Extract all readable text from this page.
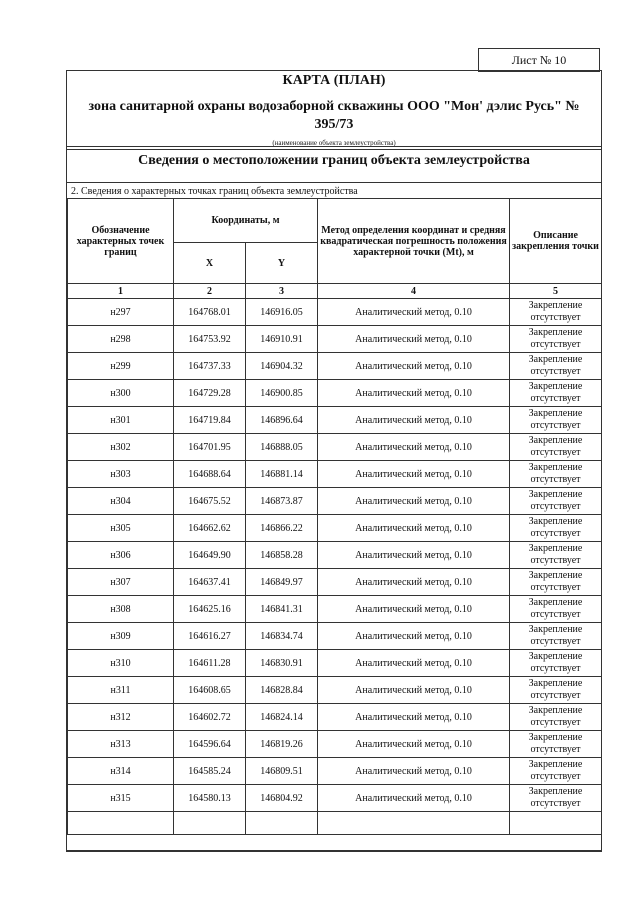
Лист № 10
КАРТА (ПЛАН)
зона санитарной охраны водозаборной скважины ООО "Мон' дэлис Русь" № 395/73
(наименование объекта землеустройства)
Сведения о местоположении границ объекта землеустройства
2. Сведения о характерных точках границ объекта землеустройства
Обозначение характерных точек границ	Координаты, м		Метод определения координат и средняя квадратическая погрешность положения характерной точки (Mt), м	Описание закрепления точки
	X	Y		
1	2	3	4	5
н297	164768.01	146916.05	Аналитический метод, 0.10	Закрепление отсутствует
н298	164753.92	146910.91	Аналитический метод, 0.10	Закрепление отсутствует
н299	164737.33	146904.32	Аналитический метод, 0.10	Закрепление отсутствует
н300	164729.28	146900.85	Аналитический метод, 0.10	Закрепление отсутствует
н301	164719.84	146896.64	Аналитический метод, 0.10	Закрепление отсутствует
н302	164701.95	146888.05	Аналитический метод, 0.10	Закрепление отсутствует
н303	164688.64	146881.14	Аналитический метод, 0.10	Закрепление отсутствует
н304	164675.52	146873.87	Аналитический метод, 0.10	Закрепление отсутствует
н305	164662.62	146866.22	Аналитический метод, 0.10	Закрепление отсутствует
н306	164649.90	146858.28	Аналитический метод, 0.10	Закрепление отсутствует
н307	164637.41	146849.97	Аналитический метод, 0.10	Закрепление отсутствует
н308	164625.16	146841.31	Аналитический метод, 0.10	Закрепление отсутствует
н309	164616.27	146834.74	Аналитический метод, 0.10	Закрепление отсутствует
н310	164611.28	146830.91	Аналитический метод, 0.10	Закрепление отсутствует
н311	164608.65	146828.84	Аналитический метод, 0.10	Закрепление отсутствует
н312	164602.72	146824.14	Аналитический метод, 0.10	Закрепление отсутствует
н313	164596.64	146819.26	Аналитический метод, 0.10	Закрепление отсутствует
н314	164585.24	146809.51	Аналитический метод, 0.10	Закрепление отсутствует
н315	164580.13	146804.92	Аналитический метод, 0.10	Закрепление отсутствует
